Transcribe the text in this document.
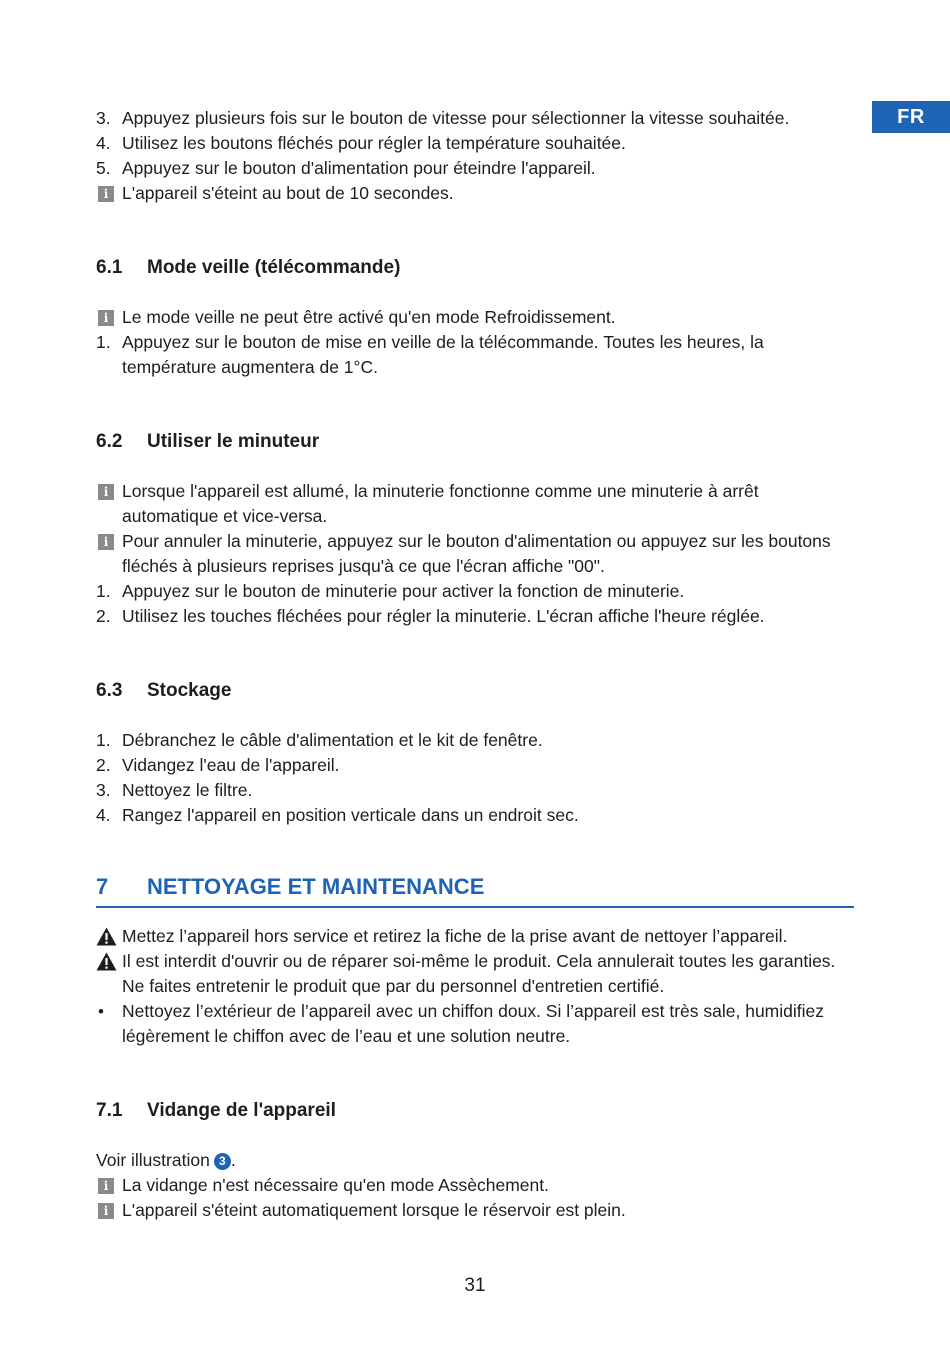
FR
3. Appuyez plusieurs fois sur le bouton de vitesse pour sélectionner la vitesse souhaitée.
4. Utilisez les boutons fléchés pour régler la température souhaitée.
5. Appuyez sur le bouton d'alimentation pour éteindre l'appareil.
i L'appareil s'éteint au bout de 10 secondes.
6.1	Mode veille (télécommande)
i Le mode veille ne peut être activé qu'en mode Refroidissement.
1. Appuyez sur le bouton de mise en veille de la télécommande. Toutes les heures, la température augmentera de 1°C.
6.2	Utiliser le minuteur
i Lorsque l'appareil est allumé, la minuterie fonctionne comme une minuterie à arrêt automatique et vice-versa.
i Pour annuler la minuterie, appuyez sur le bouton d'alimentation ou appuyez sur les boutons fléchés à plusieurs reprises jusqu'à ce que l'écran affiche "00".
1. Appuyez sur le bouton de minuterie pour activer la fonction de minuterie.
2. Utilisez les touches fléchées pour régler la minuterie. L'écran affiche l'heure réglée.
6.3	Stockage
1. Débranchez le câble d'alimentation et le kit de fenêtre.
2. Vidangez l'eau de l'appareil.
3. Nettoyez le filtre.
4. Rangez l'appareil en position verticale dans un endroit sec.
7	NETTOYAGE ET MAINTENANCE
Mettez l’appareil hors service et retirez la fiche de la prise avant de nettoyer l’appareil.
Il est interdit d'ouvrir ou de réparer soi-même le produit. Cela annulerait toutes les garanties. Ne faites entretenir le produit que par du personnel d'entretien certifié.
• Nettoyez l’extérieur de l’appareil avec un chiffon doux. Si l’appareil est très sale, humidifiez légèrement le chiffon avec de l’eau et une solution neutre.
7.1	Vidange de l'appareil
Voir illustration 3 .
i La vidange n'est nécessaire qu'en mode Assèchement.
i L'appareil s'éteint automatiquement lorsque le réservoir est plein.
31
